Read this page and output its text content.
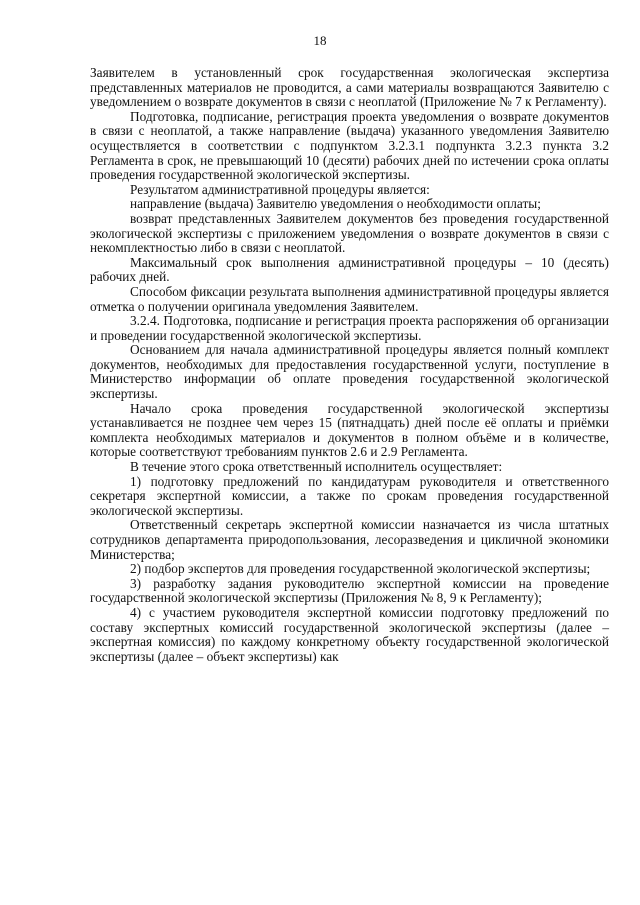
18

Заявителем в установленный срок государственная экологическая экспертиза представленных материалов не проводится, а сами материалы возвращаются Заявителю с уведомлением о возврате документов в связи с неоплатой (Приложение № 7 к Регламенту).

Подготовка, подписание, регистрация проекта уведомления о возврате документов в связи с неоплатой, а также направление (выдача) указанного уведомления Заявителю осуществляется в соответствии с подпунктом 3.2.3.1 подпункта 3.2.3 пункта 3.2 Регламента в срок, не превышающий 10 (десяти) рабочих дней по истечении срока оплаты проведения государственной экологической экспертизы.

Результатом административной процедуры является:

направление (выдача) Заявителю уведомления о необходимости оплаты;

возврат представленных Заявителем документов без проведения государственной экологической экспертизы с приложением уведомления о возврате документов в связи с некомплектностью либо в связи с неоплатой.

Максимальный срок выполнения административной процедуры – 10 (десять) рабочих дней.

Способом фиксации результата выполнения административной процедуры является отметка о получении оригинала уведомления Заявителем.

3.2.4. Подготовка, подписание и регистрация проекта распоряжения об организации и проведении государственной экологической экспертизы.

Основанием для начала административной процедуры является полный комплект документов, необходимых для предоставления государственной услуги, поступление в Министерство информации об оплате проведения государственной экологической экспертизы.

Начало срока проведения государственной экологической экспертизы устанавливается не позднее чем через 15 (пятнадцать) дней после её оплаты и приёмки комплекта необходимых материалов и документов в полном объёме и в количестве, которые соответствуют требованиям пунктов 2.6 и 2.9 Регламента.

В течение этого срока ответственный исполнитель осуществляет:

1) подготовку предложений по кандидатурам руководителя и ответственного секретаря экспертной комиссии, а также по срокам проведения государственной экологической экспертизы.

Ответственный секретарь экспертной комиссии назначается из числа штатных сотрудников департамента природопользования, лесоразведения и цикличной экономики Министерства;

2) подбор экспертов для проведения государственной экологической экспертизы;

3) разработку задания руководителю экспертной комиссии на проведение государственной экологической экспертизы (Приложения № 8, 9 к Регламенту);

4) с участием руководителя экспертной комиссии подготовку предложений по составу экспертных комиссий государственной экологической экспертизы (далее – экспертная комиссия) по каждому конкретному объекту государственной экологической экспертизы (далее – объект экспертизы) как
